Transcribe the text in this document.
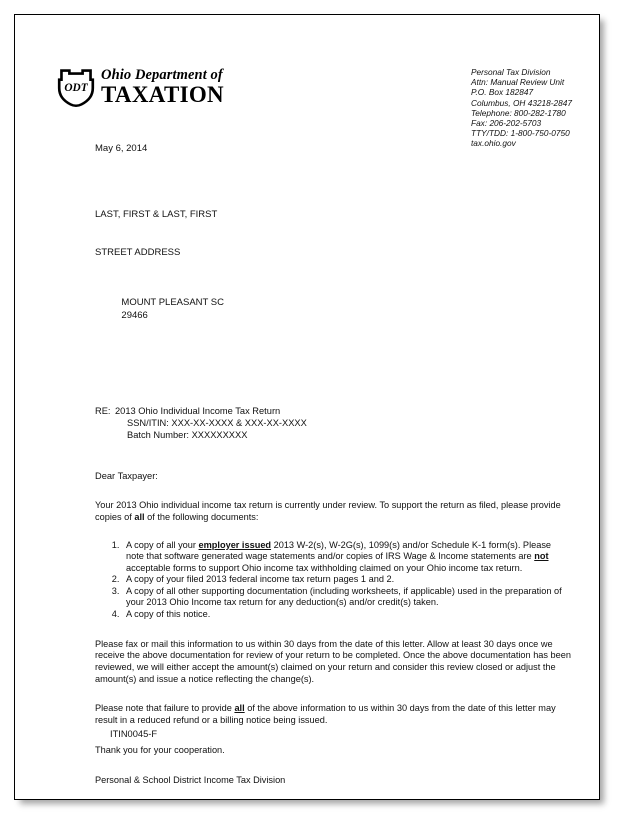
ODT
Ohio Department of
TAXATION
Personal Tax Division
Attn: Manual Review Unit
P.O. Box 182847
Columbus, OH 43218-2847
Telephone: 800-282-1780
Fax: 206-202-5703
TTY/TDD: 1-800-750-0750
tax.ohio.gov
May 6, 2014

LAST, FIRST & LAST, FIRST

STREET ADDRESS

MOUNT PLEASANT SC
29466

RE: 2013 Ohio Individual Income Tax Return
SSN/ITIN: XXX-XX-XXXX & XXX-XX-XXXX
Batch Number: XXXXXXXXX
Dear Taxpayer:

Your 2013 Ohio individual income tax return is currently under review. To support the return as filed, please provide copies of all of the following documents:

1. A copy of all your employer issued 2013 W-2(s), W-2G(s), 1099(s) and/or Schedule K-1 form(s). Please note that software generated wage statements and/or copies of IRS Wage & Income statements are not acceptable forms to support Ohio income tax withholding claimed on your Ohio income tax return.
2. A copy of your filed 2013 federal income tax return pages 1 and 2.
3. A copy of all other supporting documentation (including worksheets, if applicable) used in the preparation of your 2013 Ohio Income tax return for any deduction(s) and/or credit(s) taken.
4. A copy of this notice.

Please fax or mail this information to us within 30 days from the date of this letter. Allow at least 30 days once we receive the above documentation for review of your return to be completed. Once the above documentation has been reviewed, we will either accept the amount(s) claimed on your return and consider this review closed or adjust the amount(s) and issue a notice reflecting the change(s).

Please note that failure to provide all of the above information to us within 30 days from the date of this letter may result in a reduced refund or a billing notice being issued.

Thank you for your cooperation.

Personal & School District Income Tax Division

ITIN0045-F
